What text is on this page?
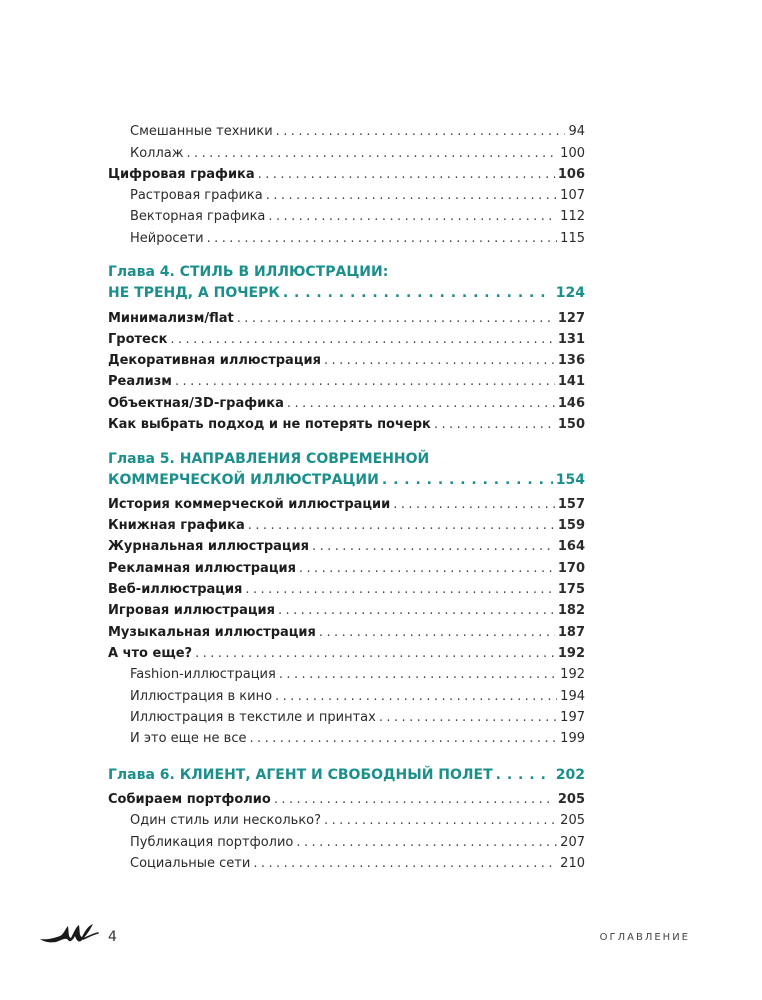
Смешанные техники . . .	94
Коллаж . . .	100
Цифровая графика . . .	106
Растровая графика . . .	107
Векторная графика . . .	112
Нейросети . . .	115
Глава 4. СТИЛЬ В ИЛЛЮСТРАЦИИ:
НЕ ТРЕНД, А ПОЧЕРК . . .	124
Минимализм/flat . . .	127
Гротеск . . .	131
Декоративная иллюстрация . . .	136
Реализм . . .	141
Объектная/3D-графика . . .	146
Как выбрать подход и не потерять почерк . . .	150
Глава 5. НАПРАВЛЕНИЯ СОВРЕМЕННОЙ
КОММЕРЧЕСКОЙ ИЛЛЮСТРАЦИИ . . .	154
История коммерческой иллюстрации . . .	157
Книжная графика . . .	159
Журнальная иллюстрация . . .	164
Рекламная иллюстрация . . .	170
Веб-иллюстрация . . .	175
Игровая иллюстрация . . .	182
Музыкальная иллюстрация . . .	187
А что еще? . . .	192
Fashion-иллюстрация . . .	192
Иллюстрация в кино . . .	194
Иллюстрация в текстиле и принтах . . .	197
И это еще не все . . .	199
Глава 6. КЛИЕНТ, АГЕНТ И СВОБОДНЫЙ ПОЛЕТ . . .	202
Собираем портфолио . . .	205
Один стиль или несколько? . . .	205
Публикация портфолио . . .	207
Социальные сети . . .	210
4	ОГЛАВЛЕНИЕ
